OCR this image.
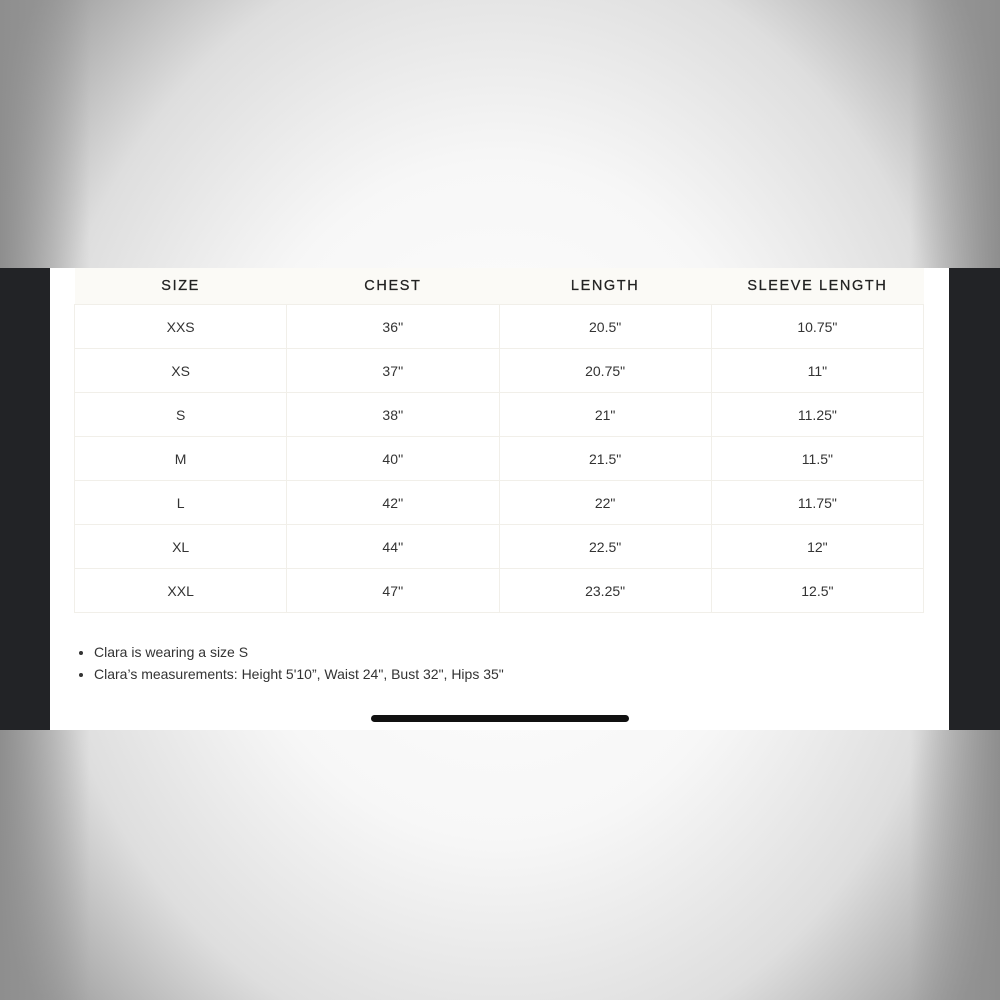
SIZE	CHEST	LENGTH	SLEEVE LENGTH
XXS	36''	20.5"	10.75"
XS	37''	20.75"	11"
S	38''	21"	11.25"
M	40''	21.5"	11.5"
L	42''	22"	11.75"
XL	44''	22.5"	12"
XXL	47''	23.25"	12.5"
• Clara is wearing a size S
• Clara’s measurements: Height 5'10”, Waist 24", Bust 32", Hips 35"
